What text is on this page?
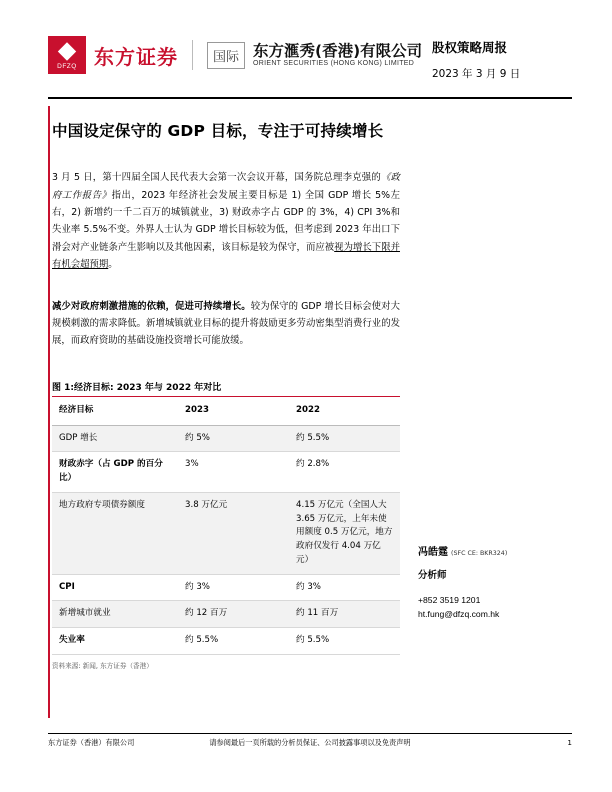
DFZQ 东方证券	国际 东方滙秀(香港)有限公司
ORIENT SECURITIES (HONG KONG) LIMITED
股权策略周报
2023 年 3 月 9 日
中国设定保守的 GDP 目标，专注于可持续增长

3 月 5 日，第十四届全国人民代表大会第一次会议开幕，国务院总理李克强的《政府工作报告》指出，2023 年经济社会发展主要目标是 1) 全国 GDP 增长 5%左右，2) 新增约一千二百万的城镇就业，3) 财政赤字占 GDP 的 3%，4) CPI 3%和失业率 5.5%不变。外界人士认为 GDP 增长目标较为低，但考虑到 2023 年出口下滑会对产业链条产生影响以及其他因素，该目标是较为保守，而应被视为增长下限并有机会超预期。

减少对政府刺激措施的依赖，促进可持续增长。较为保守的 GDP 增长目标会使对大规模刺激的需求降低。新增城镇就业目标的提升将鼓励更多劳动密集型消费行业的发展，而政府资助的基础设施投资增长可能放缓。

图 1:经济目标: 2023 年与 2022 年对比
经济目标	2023	2022
GDP 增长	约 5%	约 5.5%
财政赤字（占 GDP 的百分比）	3%	约 2.8%
地方政府专项债券额度	3.8 万亿元	4.15 万亿元（全国人大 3.65 万亿元，上年未使用额度 0.5 万亿元，地方政府仅发行 4.04 万亿元）
CPI	约 3%	约 3%
新增城市就业	约 12 百万	约 11 百万
失业率	约 5.5%	约 5.5%
资料来源: 新闻, 东方证券（香港）
冯皓霆 (SFC CE: BKR324)
分析师
+852 3519 1201
ht.fung@dfzq.com.hk
东方证券（香港）有限公司	请参阅最后一页所载的分析员保证、公司披露事项以及免责声明	1
